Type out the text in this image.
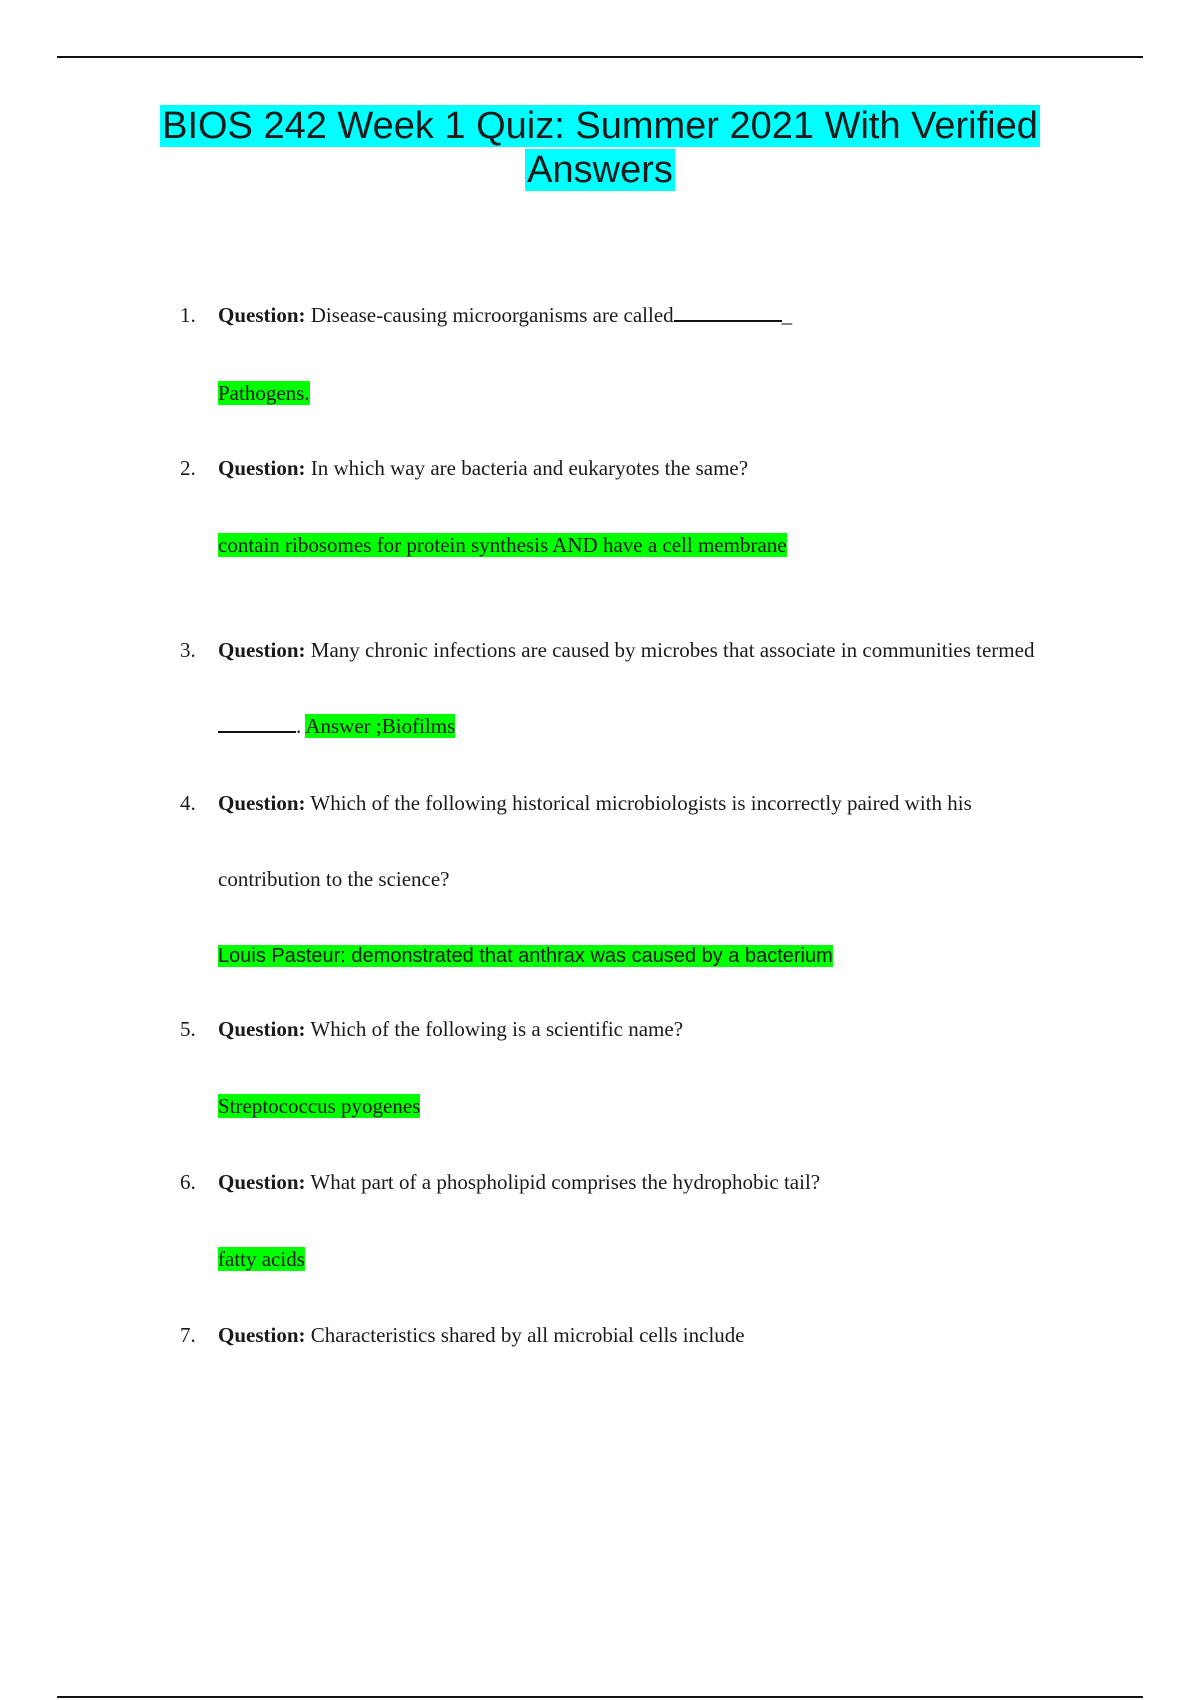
BIOS 242 Week 1 Quiz: Summer 2021 With Verified
Answers
1. Question: Disease-causing microorganisms are called	_
Pathogens.
2. Question: In which way are bacteria and eukaryotes the same?
contain ribosomes for protein synthesis AND have a cell membrane
3. Question: Many chronic infections are caused by microbes that associate in communities termed
. Answer ;Biofilms
4. Question: Which of the following historical microbiologists is incorrectly paired with his
contribution to the science?
Louis Pasteur: demonstrated that anthrax was caused by a bacterium
5. Question: Which of the following is a scientific name?
Streptococcus pyogenes
6. Question: What part of a phospholipid comprises the hydrophobic tail?
fatty acids
7. Question: Characteristics shared by all microbial cells include
